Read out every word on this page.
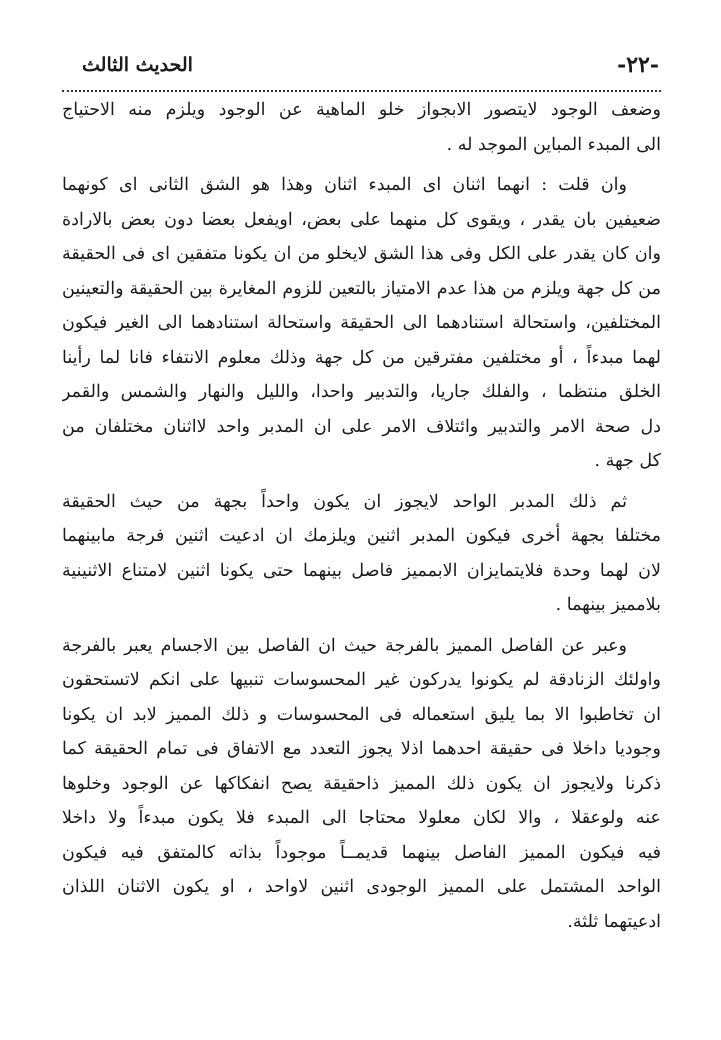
-٢٢-
الحديث الثالث
وضعف الوجود لايتصور الابجواز خلو الماهية عن الوجود ويلزم منه الاحتياج
الى المبدء المباين الموجد له .
وان قلت : انهما اثنان اى المبدء اثنان وهذا هو الشق الثانى اى كونهما
ضعيفين بان يقدر ، ويقوى كل منهما على بعض، اويفعل بعضا دون بعض بالارادة
وان كان يقدر على الكل وفى هذا الشق لايخلو من ان يكونا متفقين اى فى الحقيقة
من كل جهة ويلزم من هذا عدم الامتياز بالتعين للزوم المغايرة بين الحقيقة والتعينين
المختلفين، واستحالة استنادهما الى الحقيقة واستحالة استنادهما الى الغير فيكون
لهما مبدءاً ، أو مختلفين مفترقين من كل جهة وذلك معلوم الانتفاء فانا لما رأينا
الخلق منتظما ، والفلك جاريا، والتدبير واحدا، والليل والنهار والشمس والقمر
دل صحة الامر والتدبير وائتلاف الامر على ان المدبر واحد لااثنان مختلفان من
كل جهة .
ثم ذلك المدبر الواحد لايجوز ان يكون واحداً بجهة من حيث الحقيقة
مختلفا بجهة أخرى فيكون المدبر اثنين ويلزمك ان ادعيت اثنين فرجة مابينهما
لان لهما وحدة فلايتمايزان الابمميز فاصل بينهما حتى يكونا اثنين لامتناع الاثنينية
بلامميز بينهما .
وعبر عن الفاصل المميز بالفرجة حيث ان الفاصل بين الاجسام يعبر بالفرجة
واولئك الزنادقة لم يكونوا يدركون غير المحسوسات تنبيها على انكم لاتستحقون
ان تخاطبوا الا بما يليق استعماله فى المحسوسات و ذلك المميز لابد ان يكونا
وجوديا داخلا فى حقيقة احدهما اذلا يجوز التعدد مع الاتفاق فى تمام الحقيقة كما
ذكرنا ولايجوز ان يكون ذلك المميز ذاحقيقة يصح انفكاكها عن الوجود وخلوها
عنه ولوعقلا ، والا لكان معلولا محتاجا الى المبدء فلا يكون مبدءاً ولا داخلا
فيه فيكون المميز الفاصل بينهما قديمــاً موجوداً بذاته كالمتفق فيه فيكون
الواحد المشتمل على المميز الوجودى اثنين لاواحد ، او يكون الاثنان اللذان
ادعيتهما ثلثة.
